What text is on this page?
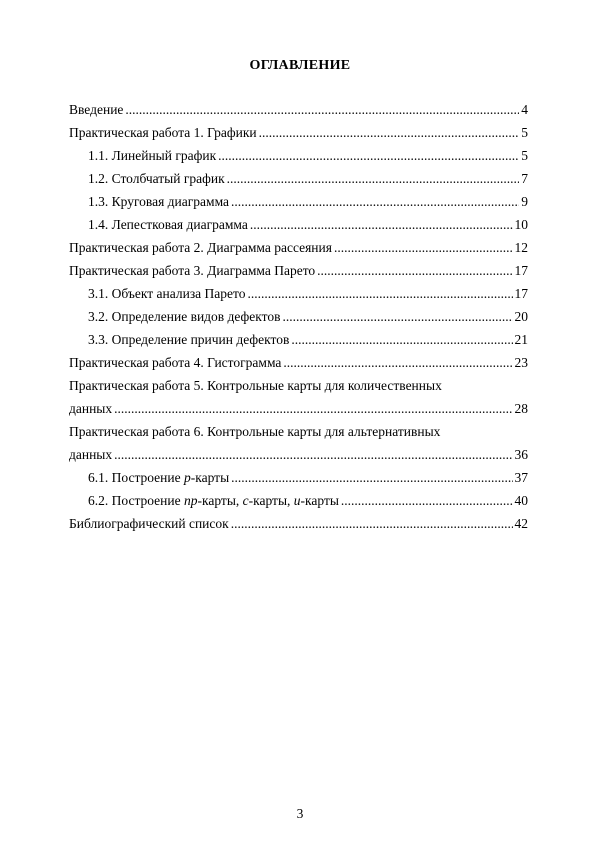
ОГЛАВЛЕНИЕ
Введение .....	4
Практическая работа 1. Графики .....	5
1.1. Линейный график .....	5
1.2. Столбчатый график .....	7
1.3. Круговая диаграмма .....	9
1.4. Лепестковая диаграмма .....	10
Практическая работа 2. Диаграмма рассеяния .....	12
Практическая работа 3. Диаграмма Парето .....	17
3.1. Объект анализа Парето .....	17
3.2. Определение видов дефектов .....	20
3.3. Определение причин дефектов .....	21
Практическая работа 4. Гистограмма .....	23
Практическая работа 5. Контрольные карты для количественных
данных .....	28
Практическая работа 6. Контрольные карты для альтернативных
данных .....	36
6.1. Построение p-карты .....	37
6.2. Построение np-карты, c-карты, u-карты .....	40
Библиографический список .....	42
3
